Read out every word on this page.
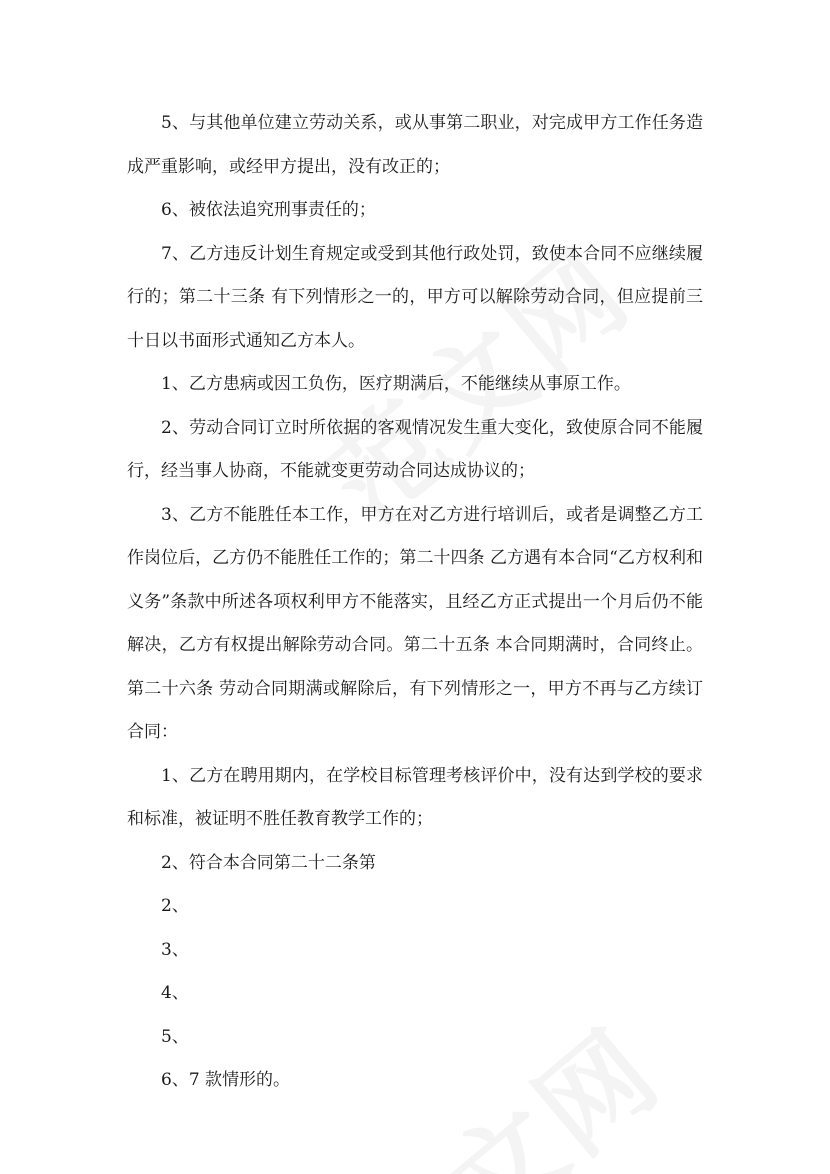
5、与其他单位建立劳动关系，或从事第二职业，对完成甲方工作任务造成严重影响，或经甲方提出，没有改正的；

6、被依法追究刑事责任的；

7、乙方违反计划生育规定或受到其他行政处罚，致使本合同不应继续履行的；第二十三条 有下列情形之一的，甲方可以解除劳动合同，但应提前三十日以书面形式通知乙方本人。

1、乙方患病或因工负伤，医疗期满后，不能继续从事原工作。

2、劳动合同订立时所依据的客观情况发生重大变化，致使原合同不能履行，经当事人协商，不能就变更劳动合同达成协议的；

3、乙方不能胜任本工作，甲方在对乙方进行培训后，或者是调整乙方工作岗位后，乙方仍不能胜任工作的；第二十四条 乙方遇有本合同“乙方权利和义务”条款中所述各项权利甲方不能落实，且经乙方正式提出一个月后仍不能解决，乙方有权提出解除劳动合同。第二十五条 本合同期满时，合同终止。第二十六条 劳动合同期满或解除后，有下列情形之一，甲方不再与乙方续订合同：

1、乙方在聘用期内，在学校目标管理考核评价中，没有达到学校的要求和标准，被证明不胜任教育教学工作的；

2、符合本合同第二十二条第

2、

3、

4、

5、

6、7 款情形的。
